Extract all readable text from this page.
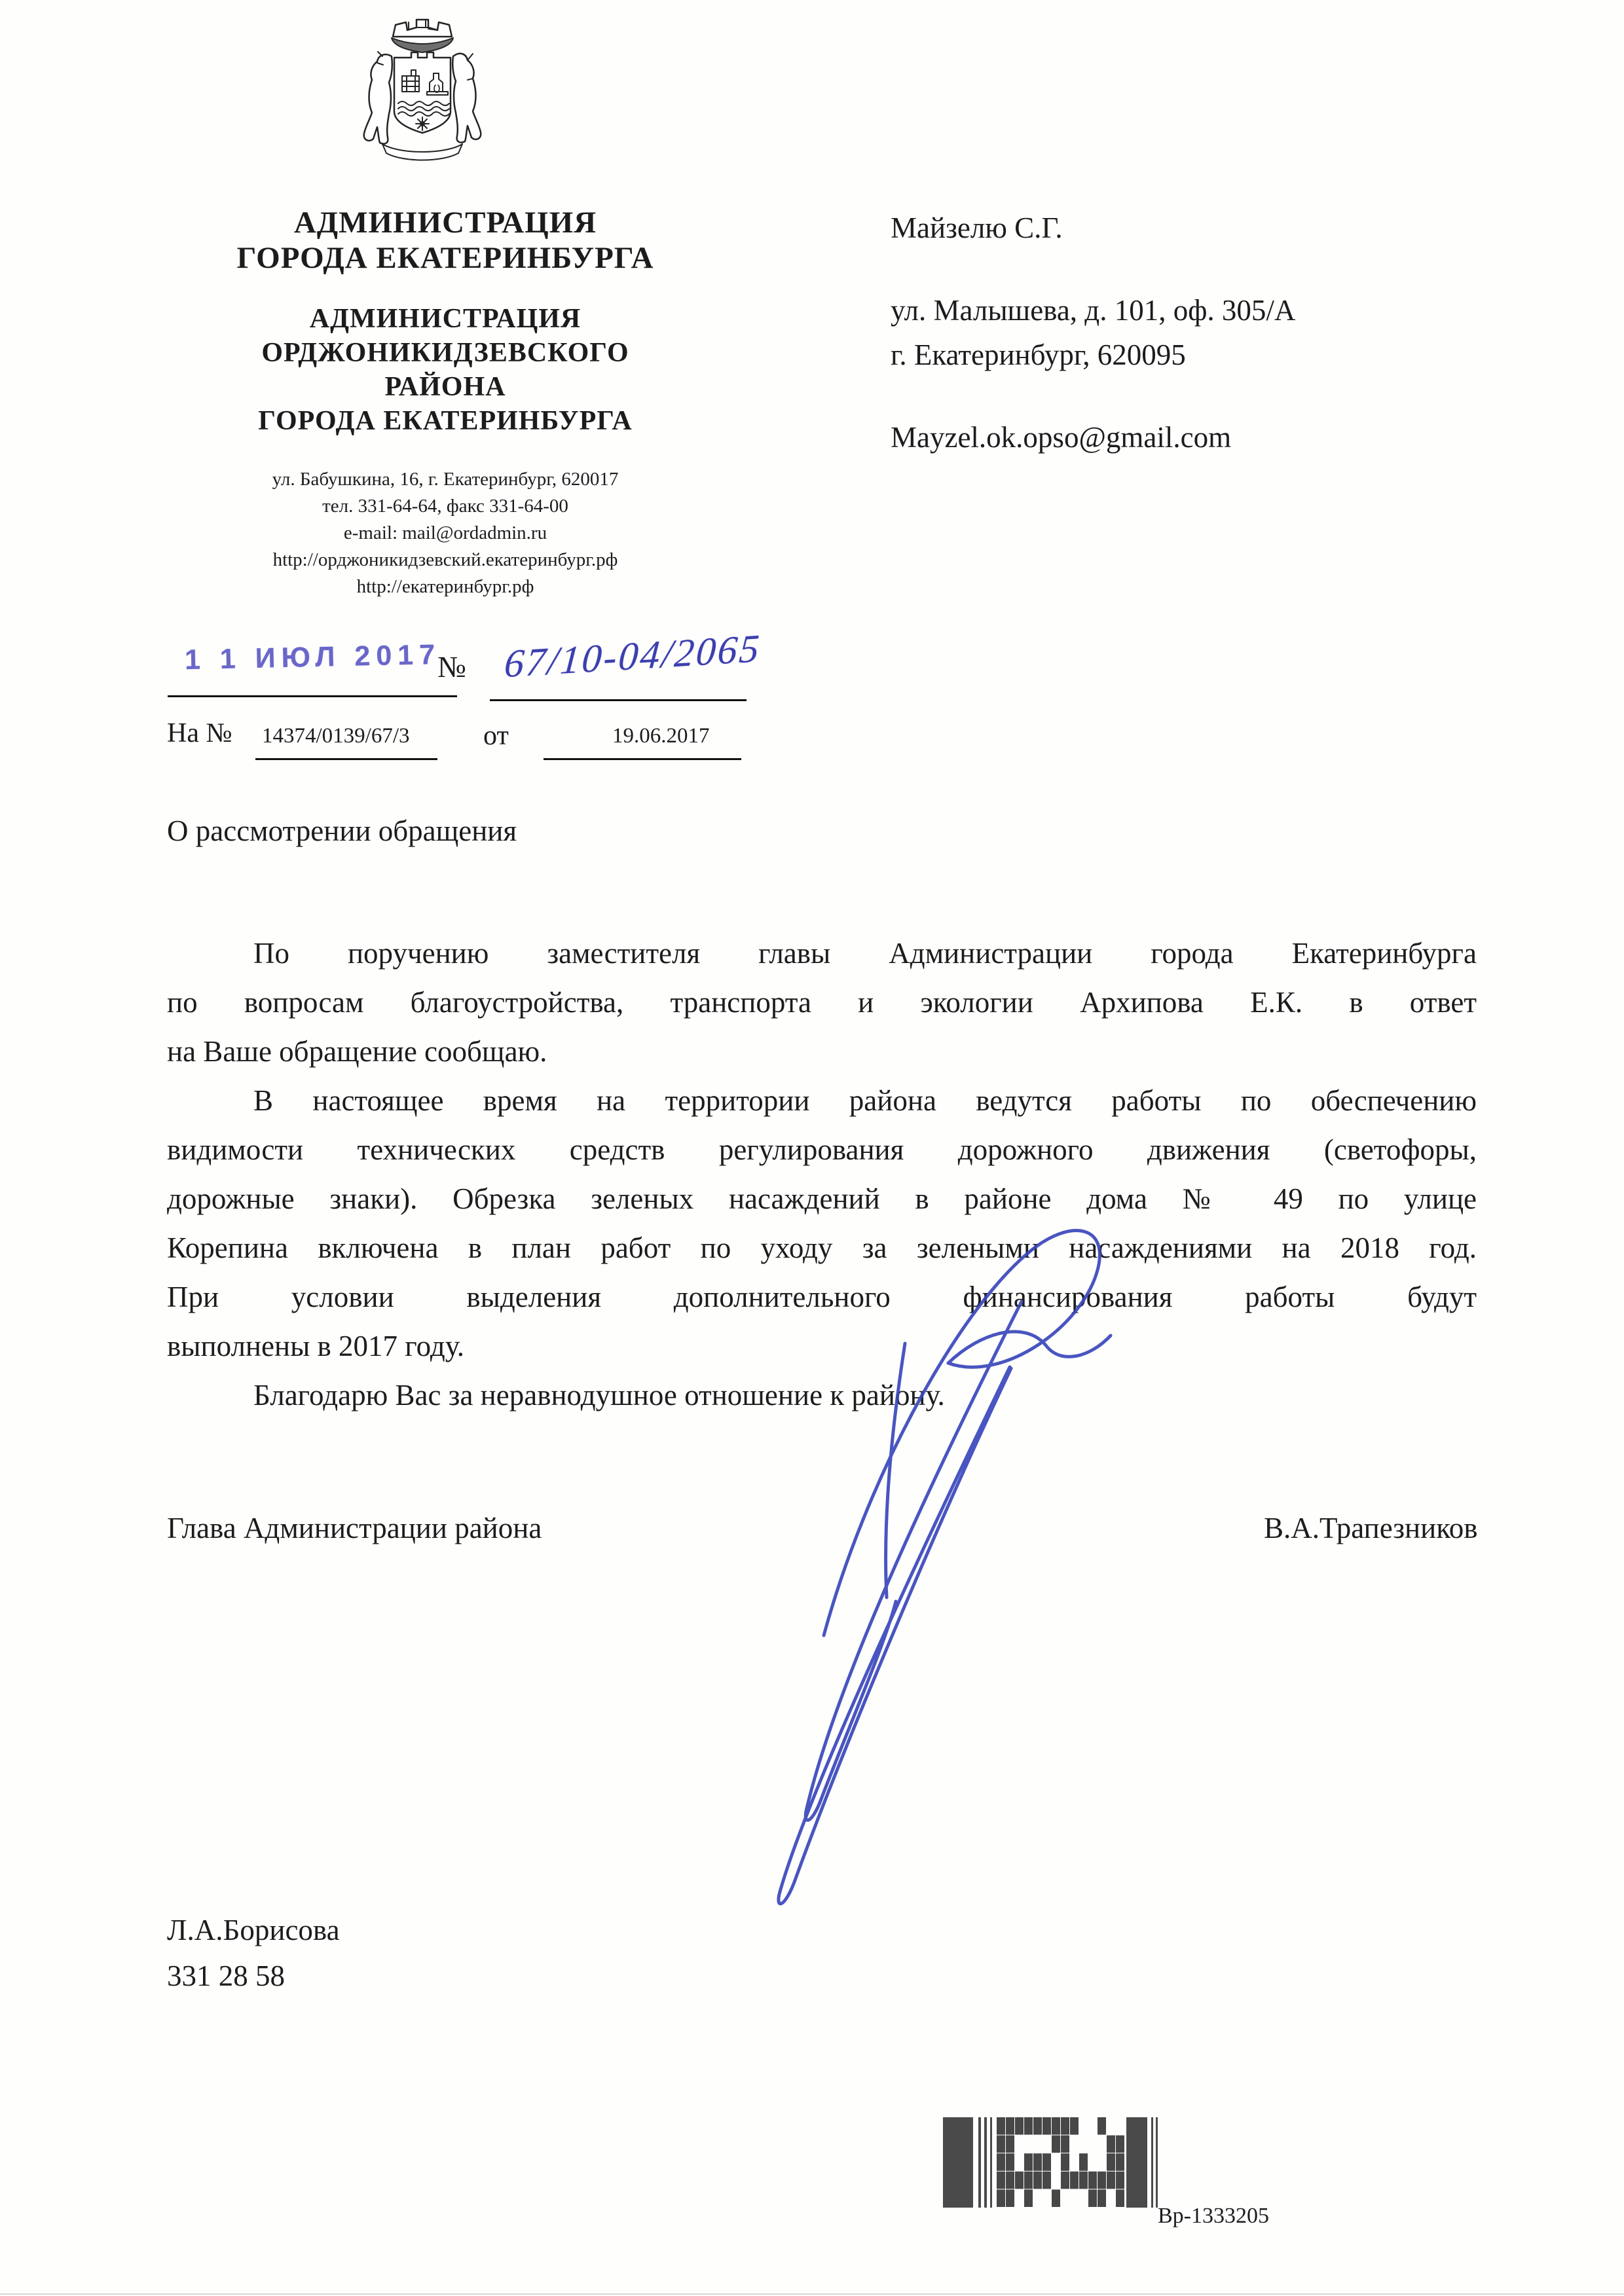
АДМИНИСТРАЦИЯ
ГОРОДА ЕКАТЕРИНБУРГА
АДМИНИСТРАЦИЯ
ОРДЖОНИКИДЗЕВСКОГО
РАЙОНА
ГОРОДА ЕКАТЕРИНБУРГА
ул. Бабушкина, 16, г. Екатеринбург, 620017
тел. 331-64-64, факс 331-64-00
e-mail: mail@ordadmin.ru
http://орджоникидзевский.екатеринбург.рф
http://екатеринбург.рф
Майзелю С.Г.
ул. Малышева, д. 101, оф. 305/А
г. Екатеринбург, 620095
Mayzel.ok.opso@gmail.com
1 1 ИЮЛ 2017
№ 67/10-04/2065
На № 14374/0139/67/3	от	19.06.2017
О рассмотрении обращения
По поручению заместителя главы Администрации города Екатеринбурга
по вопросам благоустройства, транспорта и экологии Архипова Е.К. в ответ
на Ваше обращение сообщаю.
В настоящее время на территории района ведутся работы по обеспечению
видимости технических средств регулирования дорожного движения (светофоры,
дорожные знаки). Обрезка зеленых насаждений в районе дома № 49 по улице
Корепина включена в план работ по уходу за зелеными насаждениями на 2018 год.
При условии выделения дополнительного финансирования работы будут
выполнены в 2017 году.
Благодарю Вас за неравнодушное отношение к району.
Глава Администрации района	В.А.Трапезников
Л.А.Борисова
331 28 58
Вр-1333205
